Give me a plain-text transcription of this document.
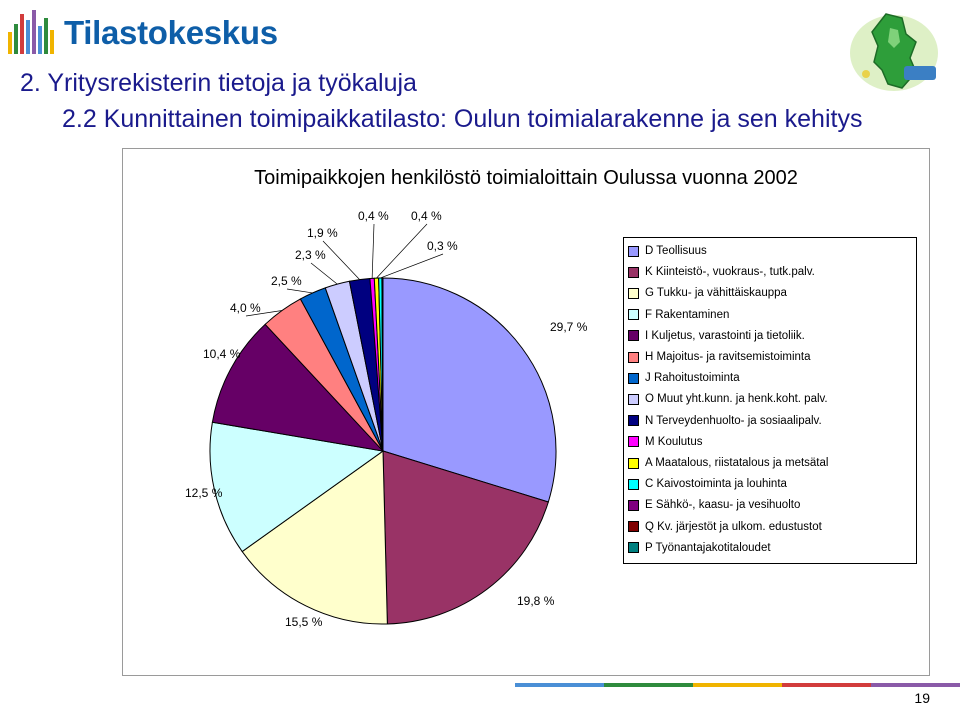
Tilastokeskus
2. Yritysrekisterin tietoja ja työkaluja
2.2 Kunnittainen toimipaikkatilasto: Oulun toimialarakenne ja sen kehitys
Toimipaikkojen henkilöstö toimialoittain Oulussa vuonna 2002
29,7 %
19,8 %
15,5 %
12,5 %
10,4 %
4,0 %
2,5 %
2,3 %
1,9 %
0,4 % 0,4 %
0,3 %	D Teollisuus
K Kiinteistö-, vuokraus-, tutk.palv.
G Tukku- ja vähittäiskauppa
F Rakentaminen
I Kuljetus, varastointi ja tietoliik.
H Majoitus- ja ravitsemistoiminta
J Rahoitustoiminta
O Muut yht.kunn. ja henk.koht. palv.
N Terveydenhuolto- ja sosiaalipalv.
M Koulutus
A Maatalous, riistatalous ja metsätal
C Kaivostoiminta ja louhinta
E Sähkö-, kaasu- ja vesihuolto
Q Kv. järjestöt ja ulkom. edustustot
P Työnantajakotitaloudet
19
